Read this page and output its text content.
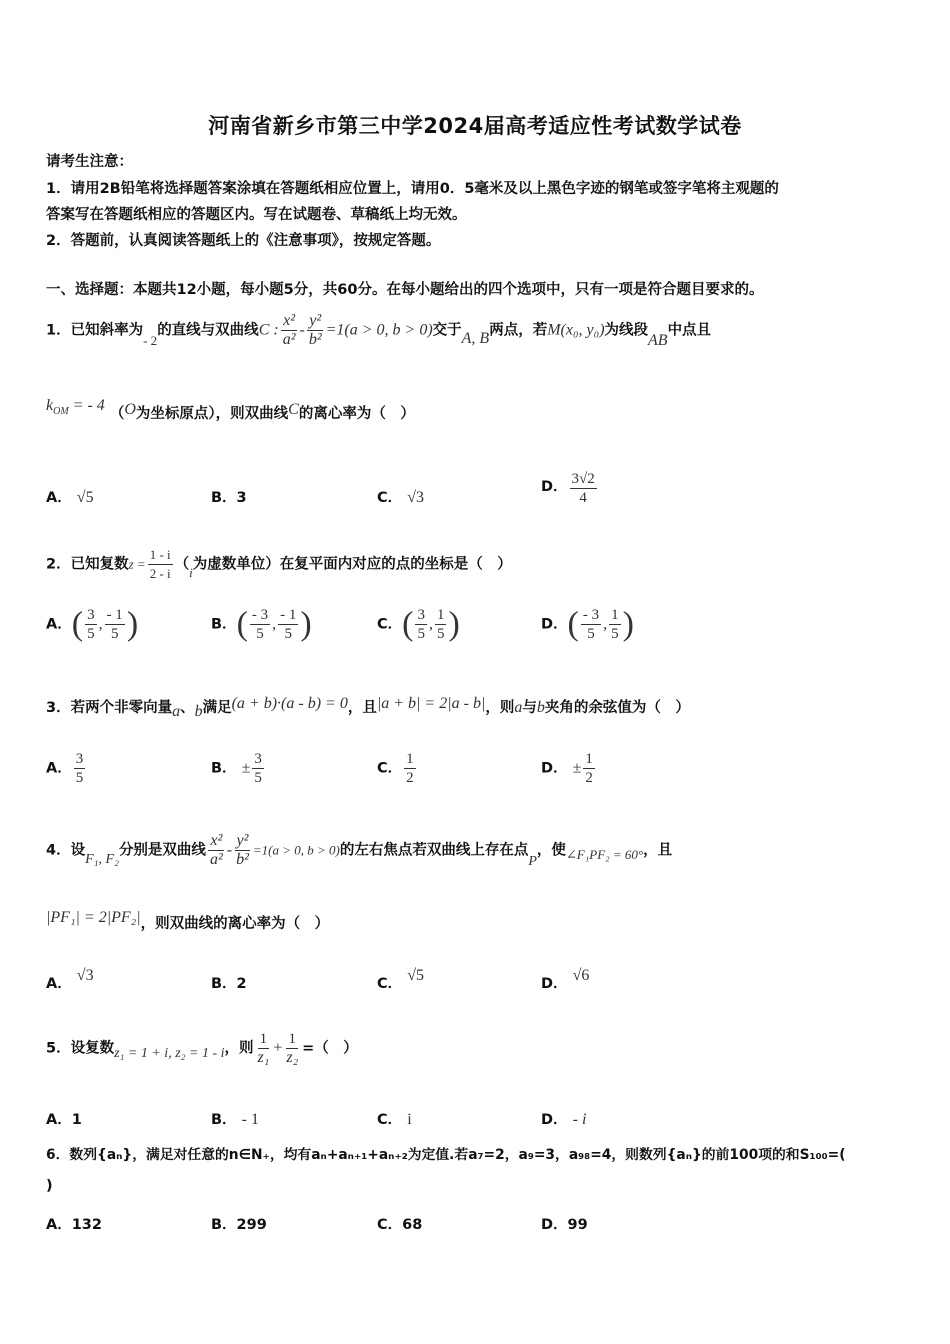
河南省新乡市第三中学2024届高考适应性考试数学试卷
请考生注意：
1．请用2B铅笔将选择题答案涂填在答题纸相应位置上，请用0．5毫米及以上黑色字迹的钢笔或签字笔将主观题的
答案写在答题纸相应的答题区内。写在试题卷、草稿纸上均无效。
2．答题前，认真阅读答题纸上的《注意事项》，按规定答题。
一、选择题：本题共12小题，每小题5分，共60分。在每小题给出的四个选项中，只有一项是符合题目要求的。
1．已知斜率为- 2的直线与双曲线C : $\frac{\text{x²}}{\text{a²}} - \frac{\text{y²}}{\text{b²}} =1(a > 0$, b > 0)交于A, B两点，若M(x₀, y₀)为线段AB中点且
$k_{OM}$ = - 4 （O为坐标原点），则双曲线C的离心率为（　）
A． √5	B．3	C． √3
D． $\frac{3√2}{4}$
2．已知复数$z = \frac{1 - i}{2 - i} (i$为虚数单位）在复平面内对应的点的坐标是（　）
A．( $\frac{3}{5}$ , $\frac{- 1}{5}$ )	B．( $\frac{- 3}{5}$ , $\frac{- 1}{5}$ )	C．( $\frac{3}{5}$ , $\frac{1}{5}$ )	D．( $\frac{- 3}{5}$ , $\frac{1}{5}$ )
3．若两个非零向量a、b满足(a + b)·(a - b) = 0，且|a + b| = 2|a - b|，则a与b夹角的余弦值为（　）
A． $\frac{3}{5}$	B． ± $\frac{3}{5}$	C． $\frac{1}{2}$	D． ± $\frac{1}{2}$
4．设F₁, F₂分别是双曲线 $\frac{\text{x²}}{\text{a²}} - \frac{\text{y²}}{\text{b²}} =1(a > 0$, b > 0)的左右焦点若双曲线上存在点P，使∠F₁PF₂ = 60°，且
|PF₁| = 2|PF₂|，则双曲线的离心率为（　）
A． √3	B．2	C． √5	D． √6
5．设复数z₁ = 1 + i, z₂ = 1 - i，则 $\frac{1}{\text{z₁}} + \frac{1}{\text{z₂}}$ =（　）
A．1	B． - 1	C． i	D． - i
6．数列{aₙ}，满足对任意的n∈N₊，均有aₙ+aₙ₊₁+aₙ₊₂为定值.若a₇=2，a₉=3，a₉₈=4，则数列{aₙ}的前100项的和S₁₀₀=(
)
A．132	B．299	C．68	D．99
